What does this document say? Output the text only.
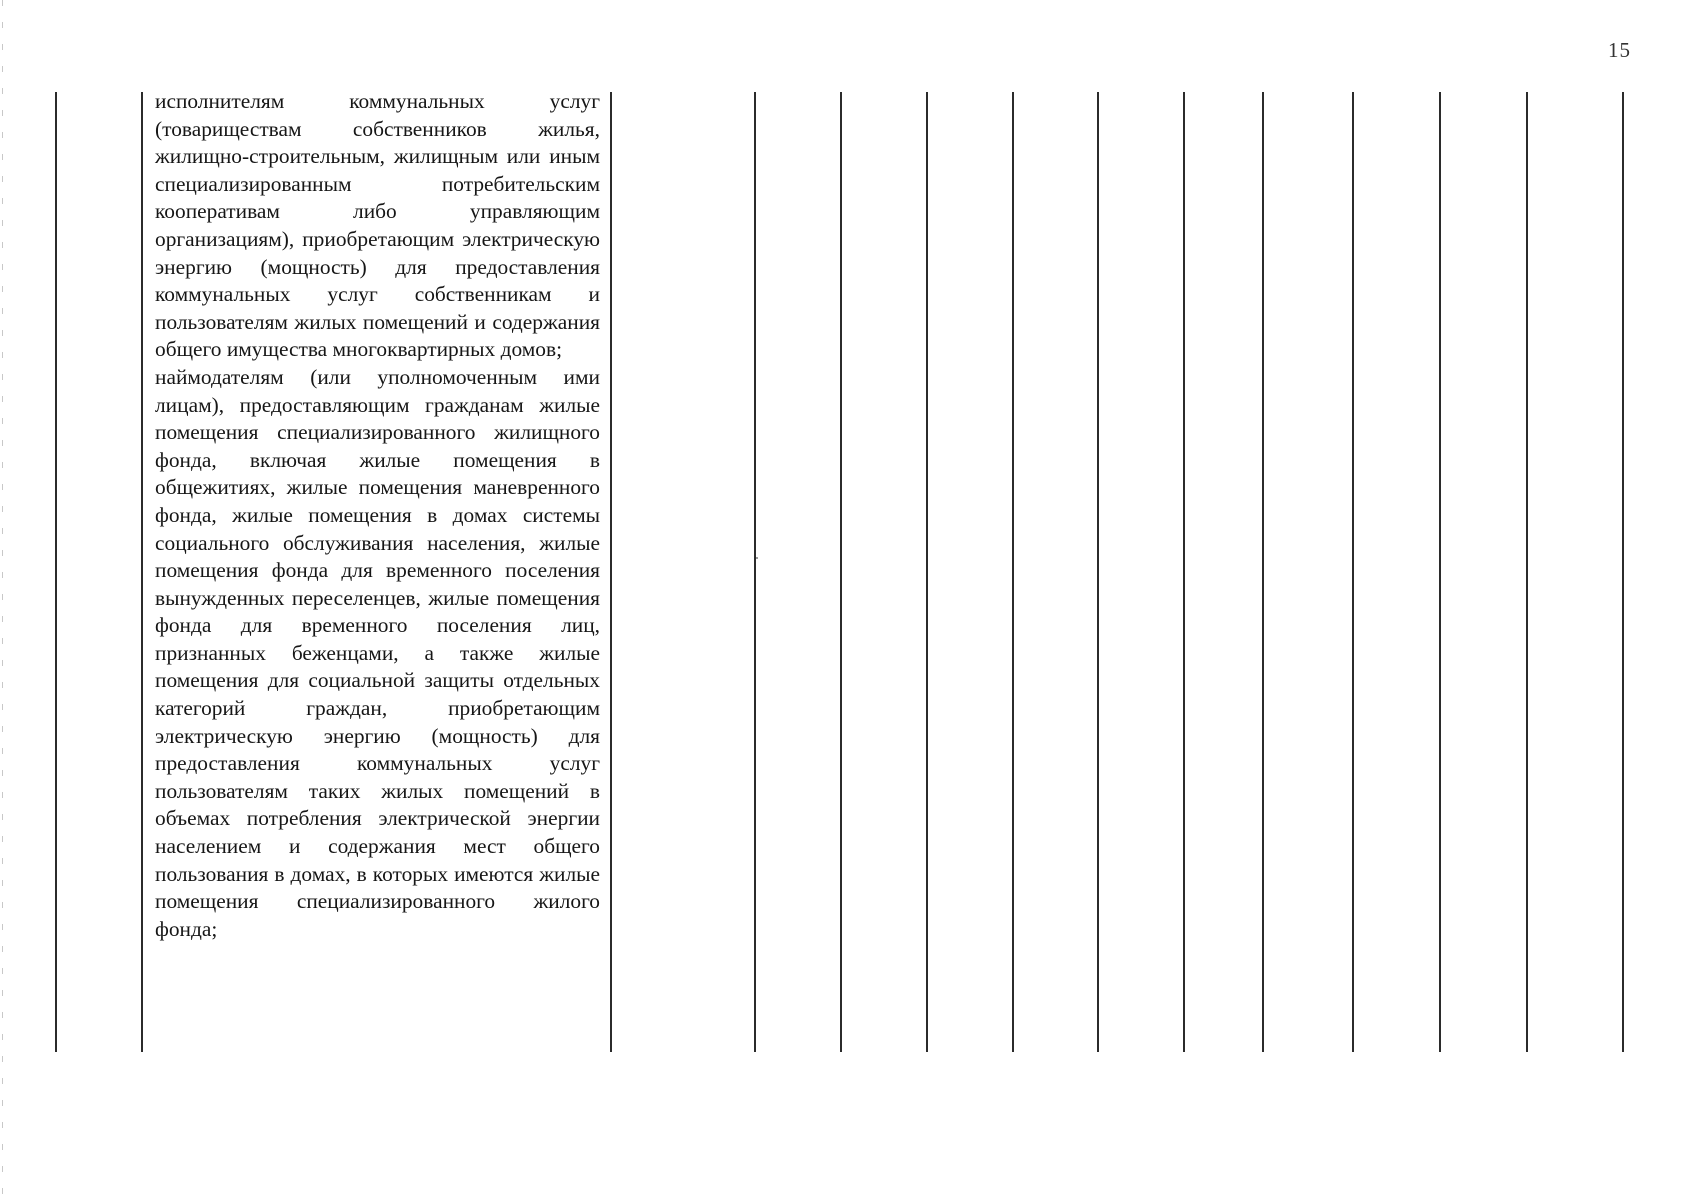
15

исполнителям коммунальных услуг (товариществам собственников жилья, жилищно-строительным, жилищным или иным специализированным потребительским кооперативам либо управляющим организациям), приобретающим электрическую энергию (мощность) для предоставления коммунальных услуг собственникам и пользователям жилых помещений и содержания общего имущества многоквартирных домов;

наймодателям (или уполномоченным ими лицам), предоставляющим гражданам жилые помещения специализированного жилищного фонда, включая жилые помещения в общежитиях, жилые помещения маневренного фонда, жилые помещения в домах системы социального обслуживания населения, жилые помещения фонда для временного поселения вынужденных переселенцев, жилые помещения фонда для временного поселения лиц, признанных беженцами, а также жилые помещения для социальной защиты отдельных категорий граждан, приобретающим электрическую энергию (мощность) для предоставления коммунальных услуг пользователям таких жилых помещений в объемах потребления электрической энергии населением и содержания мест общего пользования в домах, в которых имеются жилые помещения специализированного жилого фонда;
